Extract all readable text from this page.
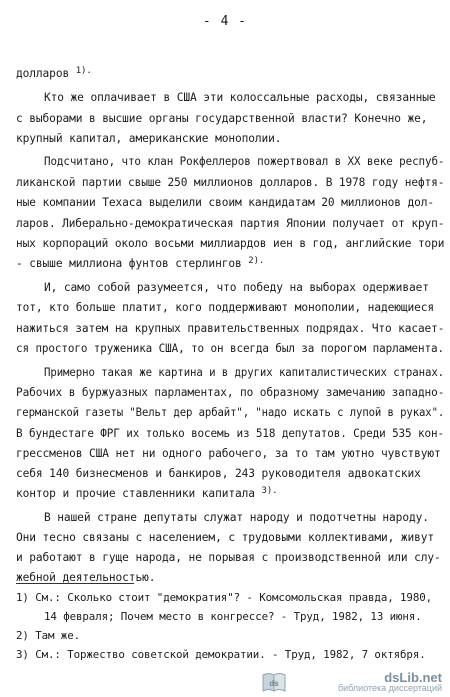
- 4 -
долларов $^{1).}$
Кто же оплачивает в США эти колоссальные расходы, связанные
с выборами в высшие органы государственной власти? Конечно же,
крупный капитал, американские монополии.
Подсчитано, что клан Рокфеллеров пожертвовал в XX веке респуб-
ликанской партии свыше 250 миллионов долларов. В 1978 году нефтя-
ные компании Техаса выделили своим кандидатам 20 миллионов дол-
ларов. Либерально-демократическая партия Японии получает от круп-
ных корпораций около восьми миллиардов иен в год, английские тори
- свыше миллиона фунтов стерлингов $^{2).}$
И, само собой разумеется, что победу на выборах одерживает
тот, кто больше платит, кого поддерживают монополии, надеющиеся
нажиться затем на крупных правительственных подрядах. Что касает-
ся простого труженика США, то он всегда был за порогом парламента.
Примерно такая же картина и в других капиталистических странах.
Рабочих в буржуазных парламентах, по образному замечанию западно-
германской газеты "Вельт дер арбайт", "надо искать с лупой в руках".
В бундестаге ФРГ их только восемь из 518 депутатов. Среди 535 кон-
грессменов США нет ни одного рабочего, за то там уютно чувствуют
себя 140 бизнесменов и банкиров, 243 руководителя адвокатских
контор и прочие ставленники капитала $^{3).}$
В нашей стране депутаты служат народу и подотчетны народу.
Они тесно связаны с населением, с трудовыми коллективами, живут
и работают в гуще народа, не порывая с производственной или слу-
жебной деятельностью.
1) См.: Сколько стоит "демократия"? - Комсомольская правда, 1980,
14 февраля; Почем место в конгрессе? - Труд, 1982, 13 июня.
2) Там же.
3) См.: Торжество советской демократии. - Труд, 1982, 7 октября.
ds	dsLib.net
библиотека диссертаций
